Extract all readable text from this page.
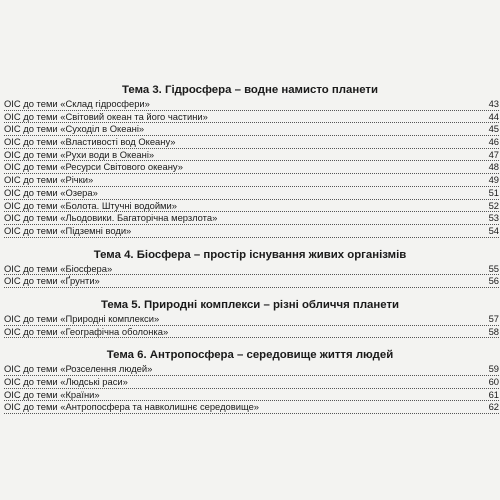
Тема 3. Гідросфера – водне намисто планети
ОІС до теми «Склад гідросфери»	43
ОІС до теми «Світовий океан та його частини»	44
ОІС до теми «Суходіл в Океані»	45
ОІС до теми «Властивості вод Океану»	46
ОІС до теми «Рухи води в Океані»	47
ОІС до теми «Ресурси Світового океану»	48
ОІС до теми «Річки»	49
ОІС до теми «Озера»	51
ОІС до теми «Болота. Штучні водойми»	52
ОІС до теми «Льодовики. Багаторічна мерзлота»	53
ОІС до теми «Підземні води»	54
Тема 4. Біосфера – простір існування живих організмів
ОІС до теми «Біосфера»	55
ОІС до теми «Ґрунти»	56
Тема 5. Природні комплекси – різні обличчя планети
ОІС до теми «Природні комплекси»	57
ОІС до теми «Географічна оболонка»	58
Тема 6. Антропосфера – середовище життя людей
ОІС до теми «Розселення людей»	59
ОІС до теми «Людські раси»	60
ОІС до теми «Країни»	61
ОІС до теми «Антропосфера та навколишнє середовище»	62
